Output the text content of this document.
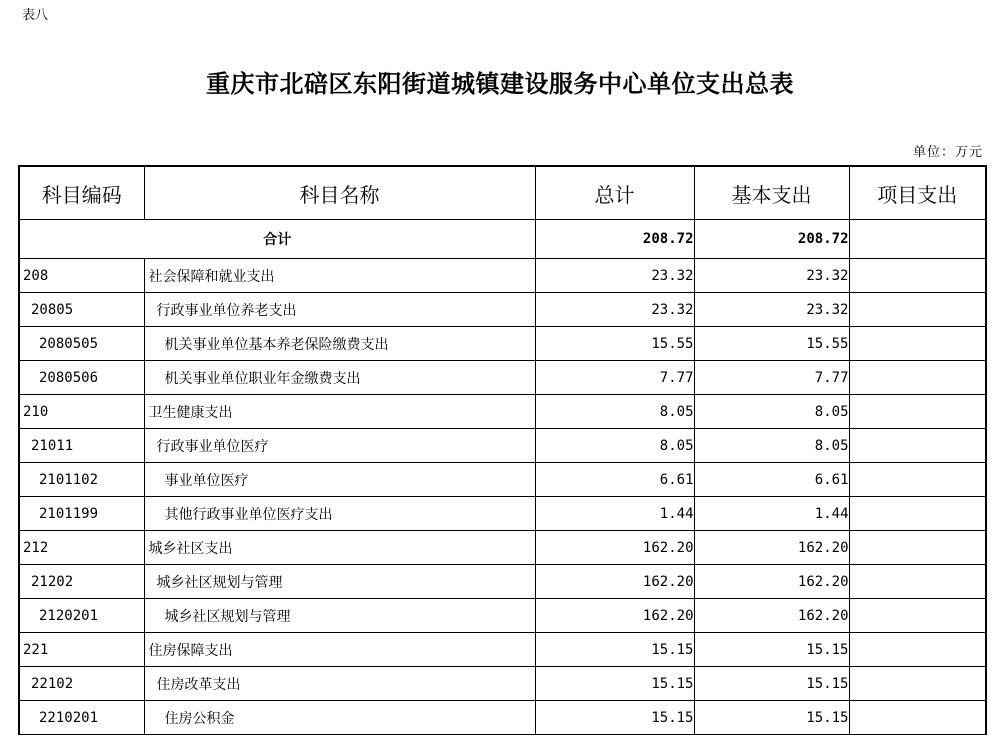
表八
重庆市北碚区东阳街道城镇建设服务中心单位支出总表
单位：万元
科目编码	科目名称	总计	基本支出	项目支出
合计		208.72	208.72	
208	社会保障和就业支出	23.32	23.32	
20805	行政事业单位养老支出	23.32	23.32	
2080505	机关事业单位基本养老保险缴费支出	15.55	15.55	
2080506	机关事业单位职业年金缴费支出	7.77	7.77	
210	卫生健康支出	8.05	8.05	
21011	行政事业单位医疗	8.05	8.05	
2101102	事业单位医疗	6.61	6.61	
2101199	其他行政事业单位医疗支出	1.44	1.44	
212	城乡社区支出	162.20	162.20	
21202	城乡社区规划与管理	162.20	162.20	
2120201	城乡社区规划与管理	162.20	162.20	
221	住房保障支出	15.15	15.15	
22102	住房改革支出	15.15	15.15	
2210201	住房公积金	15.15	15.15	
